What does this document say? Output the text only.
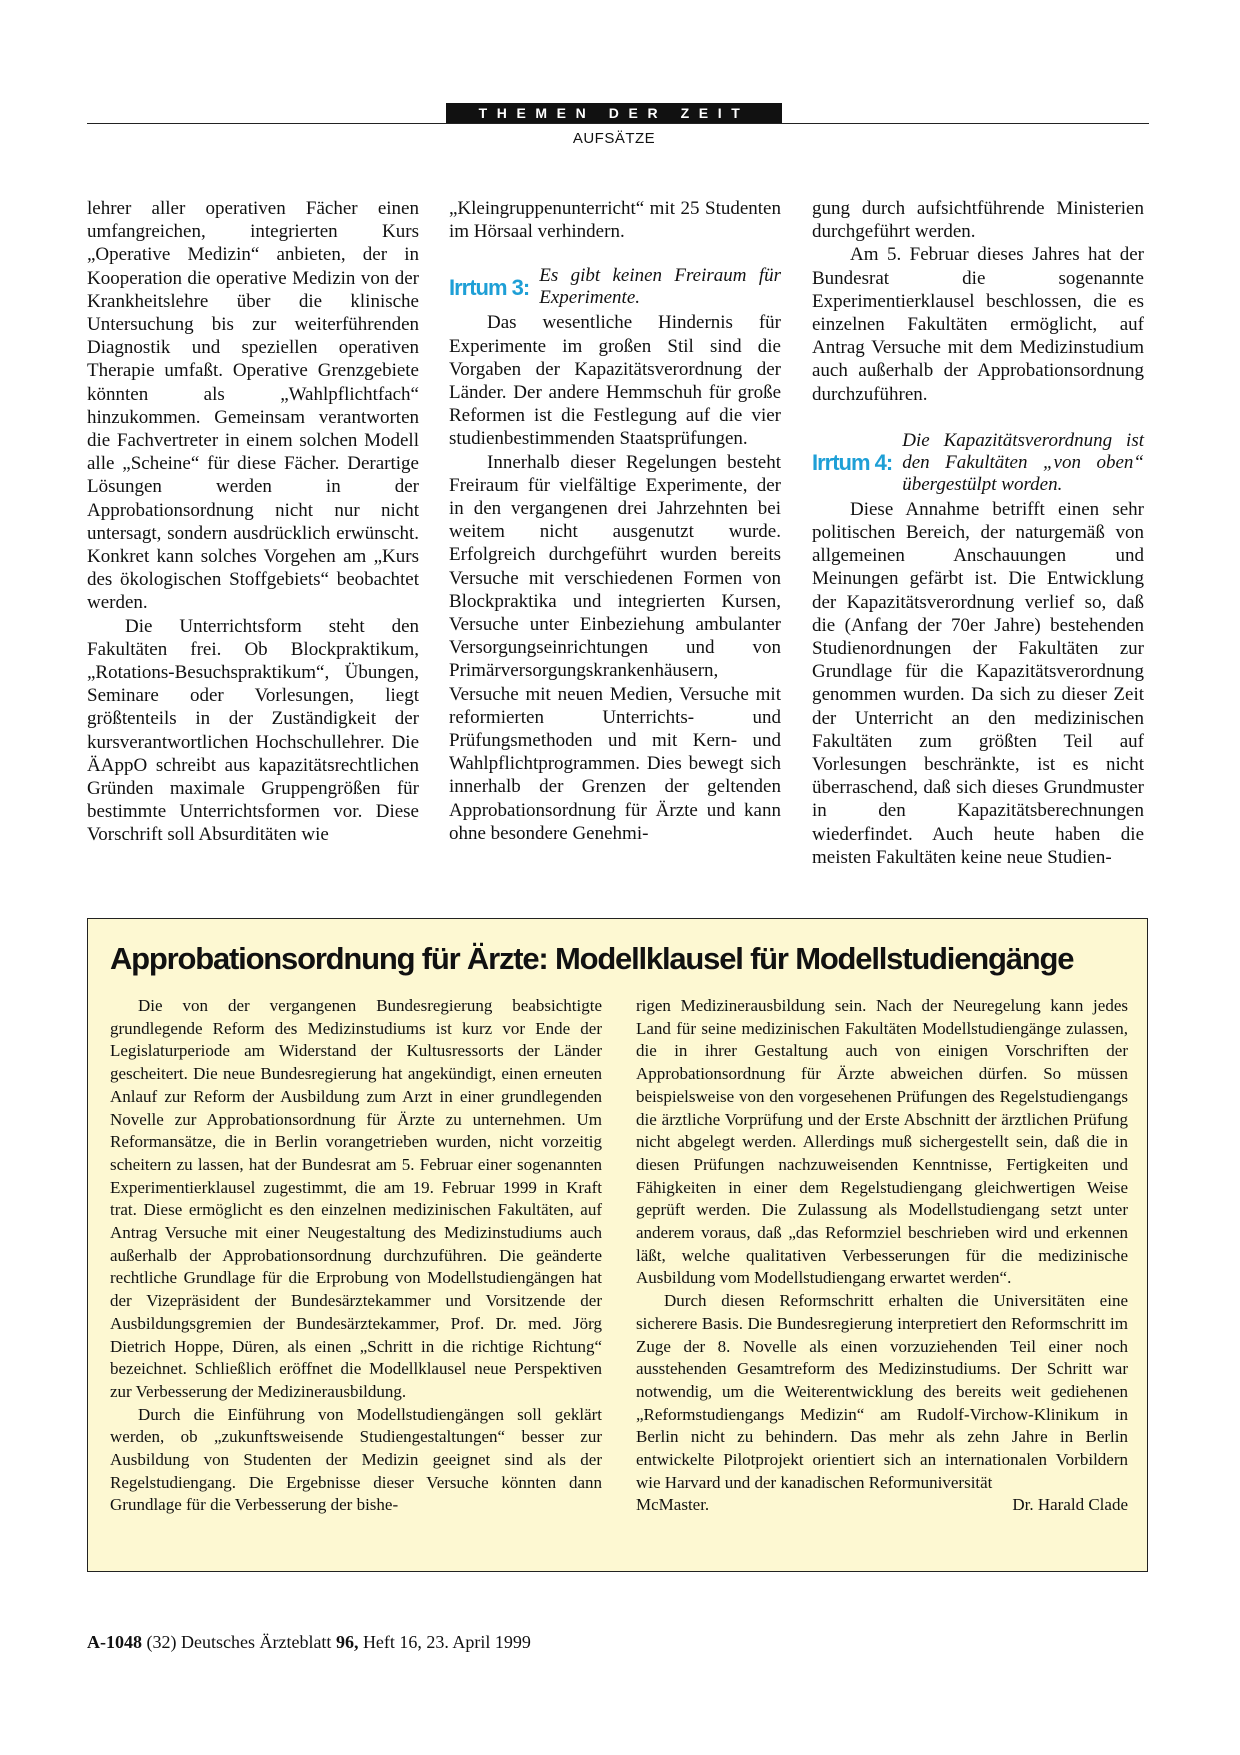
THEMEN DER ZEIT
AUFSÄTZE

lehrer aller operativen Fächer einen umfangreichen, integrierten Kurs „Operative Medizin“ anbieten, der in Kooperation die operative Medizin von der Krankheitslehre über die klinische Untersuchung bis zur weiterführenden Diagnostik und speziellen operativen Therapie umfaßt. Operative Grenzgebiete könnten als „Wahlpflichtfach“ hinzukommen. Gemeinsam verantworten die Fachvertreter in einem solchen Modell alle „Scheine“ für diese Fächer. Derartige Lösungen werden in der Approbationsordnung nicht nur nicht untersagt, sondern ausdrücklich erwünscht. Konkret kann solches Vorgehen am „Kurs des ökologischen Stoffgebiets“ beobachtet werden.

Die Unterrichtsform steht den Fakultäten frei. Ob Blockpraktikum, „Rotations-Besuchspraktikum“, Übungen, Seminare oder Vorlesungen, liegt größtenteils in der Zuständigkeit der kursverantwortlichen Hochschullehrer. Die ÄAppO schreibt aus kapazitätsrechtlichen Gründen maximale Gruppengrößen für bestimmte Unterrichtsformen vor. Diese Vorschrift soll Absurditäten wie

„Kleingruppenunterricht“ mit 25 Studenten im Hörsaal verhindern.

Irrtum 3: Es gibt keinen Freiraum für Experimente.

Das wesentliche Hindernis für Experimente im großen Stil sind die Vorgaben der Kapazitätsverordnung der Länder. Der andere Hemmschuh für große Reformen ist die Festlegung auf die vier studienbestimmenden Staatsprüfungen.

Innerhalb dieser Regelungen besteht Freiraum für vielfältige Experimente, der in den vergangenen drei Jahrzehnten bei weitem nicht ausgenutzt wurde. Erfolgreich durchgeführt wurden bereits Versuche mit verschiedenen Formen von Blockpraktika und integrierten Kursen, Versuche unter Einbeziehung ambulanter Versorgungseinrichtungen und von Primärversorgungskrankenhäusern, Versuche mit neuen Medien, Versuche mit reformierten Unterrichts- und Prüfungsmethoden und mit Kern- und Wahlpflichtprogrammen. Dies bewegt sich innerhalb der Grenzen der geltenden Approbationsordnung für Ärzte und kann ohne besondere Genehmi-

gung durch aufsichtführende Ministerien durchgeführt werden.

Am 5. Februar dieses Jahres hat der Bundesrat die sogenannte Experimentierklausel beschlossen, die es einzelnen Fakultäten ermöglicht, auf Antrag Versuche mit dem Medizinstudium auch außerhalb der Approbationsordnung durchzuführen.

Irrtum 4:
Die Kapazitätsverordnung ist den Fakultäten „von oben“ übergestülpt worden.

Diese Annahme betrifft einen sehr politischen Bereich, der naturgemäß von allgemeinen Anschauungen und Meinungen gefärbt ist. Die Entwicklung der Kapazitätsverordnung verlief so, daß die (Anfang der 70er Jahre) bestehenden Studienordnungen der Fakultäten zur Grundlage für die Kapazitätsverordnung genommen wurden. Da sich zu dieser Zeit der Unterricht an den medizinischen Fakultäten zum größten Teil auf Vorlesungen beschränkte, ist es nicht überraschend, daß sich dieses Grundmuster in den Kapazitätsberechnungen wiederfindet. Auch heute haben die meisten Fakultäten keine neue Studien-

Approbationsordnung für Ärzte: Modellklausel für Modellstudiengänge

Die von der vergangenen Bundesregierung beabsichtigte grundlegende Reform des Medizinstudiums ist kurz vor Ende der Legislaturperiode am Widerstand der Kultusressorts der Länder gescheitert. Die neue Bundesregierung hat angekündigt, einen erneuten Anlauf zur Reform der Ausbildung zum Arzt in einer grundlegenden Novelle zur Approbationsordnung für Ärzte zu unternehmen. Um Reformansätze, die in Berlin vorangetrieben wurden, nicht vorzeitig scheitern zu lassen, hat der Bundesrat am 5. Februar einer sogenannten Experimentierklausel zugestimmt, die am 19. Februar 1999 in Kraft trat. Diese ermöglicht es den einzelnen medizinischen Fakultäten, auf Antrag Versuche mit einer Neugestaltung des Medizinstudiums auch außerhalb der Approbationsordnung durchzuführen. Die geänderte rechtliche Grundlage für die Erprobung von Modellstudiengängen hat der Vizepräsident der Bundesärztekammer und Vorsitzende der Ausbildungsgremien der Bundesärztekammer, Prof. Dr. med. Jörg Dietrich Hoppe, Düren, als einen „Schritt in die richtige Richtung“ bezeichnet. Schließlich eröffnet die Modellklausel neue Perspektiven zur Verbesserung der Medizinerausbildung.

Durch die Einführung von Modellstudiengängen soll geklärt werden, ob „zukunftsweisende Studiengestaltungen“ besser zur Ausbildung von Studenten der Medizin geeignet sind als der Regelstudiengang. Die Ergebnisse dieser Versuche könnten dann Grundlage für die Verbesserung der bishe-

rigen Medizinerausbildung sein. Nach der Neuregelung kann jedes Land für seine medizinischen Fakultäten Modellstudiengänge zulassen, die in ihrer Gestaltung auch von einigen Vorschriften der Approbationsordnung für Ärzte abweichen dürfen. So müssen beispielsweise von den vorgesehenen Prüfungen des Regelstudiengangs die ärztliche Vorprüfung und der Erste Abschnitt der ärztlichen Prüfung nicht abgelegt werden. Allerdings muß sichergestellt sein, daß die in diesen Prüfungen nachzuweisenden Kenntnisse, Fertigkeiten und Fähigkeiten in einer dem Regelstudiengang gleichwertigen Weise geprüft werden. Die Zulassung als Modellstudiengang setzt unter anderem voraus, daß „das Reformziel beschrieben wird und erkennen läßt, welche qualitativen Verbesserungen für die medizinische Ausbildung vom Modellstudiengang erwartet werden“.

Durch diesen Reformschritt erhalten die Universitäten eine sicherere Basis. Die Bundesregierung interpretiert den Reformschritt im Zuge der 8. Novelle als einen vorzuziehenden Teil einer noch ausstehenden Gesamtreform des Medizinstudiums. Der Schritt war notwendig, um die Weiterentwicklung des bereits weit gediehenen „Reformstudiengangs Medizin“ am Rudolf-Virchow-Klinikum in Berlin nicht zu behindern. Das mehr als zehn Jahre in Berlin entwickelte Pilotprojekt orientiert sich an internationalen Vorbildern wie Harvard und der kanadischen Reformuniversität

McMaster.	Dr. Harald Clade
A-1048 (32) Deutsches Ärzteblatt 96, Heft 16, 23. April 1999
